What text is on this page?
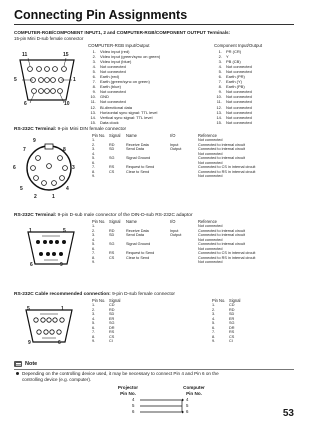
Connecting Pin Assignments
COMPUTER-RGB/COMPONENT INPUT1, 2 and COMPUTER-RGB/COMPONENT OUTPUT Terminals:
15-pin Mini D-sub female connector
11	15
5	1
6	10
COMPUTER-RGB Input/Output
1. Video input (red)
2. Video input (green/sync on green)
3. Video input (blue)
4. Not connected
5. Not connected
6. Earth (red)
7. Earth (green/sync on green)
8. Earth (blue)
9. Not connected
10. GND
11. Not connected
12. Bi-directional data
13. Horizontal sync signal: TTL level
14. Vertical sync signal: TTL level
15. Data clock
Component Input/Output
1. PR (CR)
2. Y
3. PB (CB)
4. Not connected
5. Not connected
6. Earth (PR)
7. Earth (Y)
8. Earth (PB)
9. Not connected
10. Not connected
11. Not connected
12. Not connected
13. Not connected
14. Not connected
15. Not connected
RS-232C Terminal: 9-pin Mini DIN female connector
9
7	8
6	3
5	4
2	1
Pin No.	Signal	Name	I/O	Reference
1.				Not connected
2.	RD	Receive Data	Input	Connected to internal circuit
3.	SD	Send Data	Output	Connected to internal circuit
4.				Not connected
5.	SG	Signal Ground		Connected to internal circuit
6.				Not connected
7.	RS	Request to Send		Connected to CS in internal circuit
8.	CS	Clear to Send		Connected to RS in internal circuit
9.				Not connected
RS-232C Terminal: 9-pin D-sub male connector of the DIN-D-sub RS-232C adaptor
1	5
6	9
Pin No.	Signal	Name	I/O	Reference
1.				Not connected
2.	RD	Receive Data	Input	Connected to internal circuit
3.	SD	Send Data	Output	Connected to internal circuit
4.				Not connected
5.	SG	Signal Ground		Connected to internal circuit
6.				Not connected
7.	RS	Request to Send		Connected to CS in internal circuit
8.	CS	Clear to Send		Connected to RS in internal circuit
9.				Not connected
RS-232C Cable recommended connection: 9-pin D-sub female connector
5	1
9	6
Pin No.	Signal
1.	CD
2.	RD
3.	SD
4.	ER
5.	SG
6.	DR
7.	RS
8.	CS
9.	CI
Pin No.	Signal
1.	CD
2.	RD
3.	SD
4.	ER
5.	SG
6.	DR
7.	RS
8.	CS
9.	CI
Note
Depending on the controlling device used, it may be necessary to connect Pin 4 and Pin 6 on the
controlling device (e.g. computer).
Projector
Pin No.
Computer
Pin No.
4
5
6
4
5
6	53
